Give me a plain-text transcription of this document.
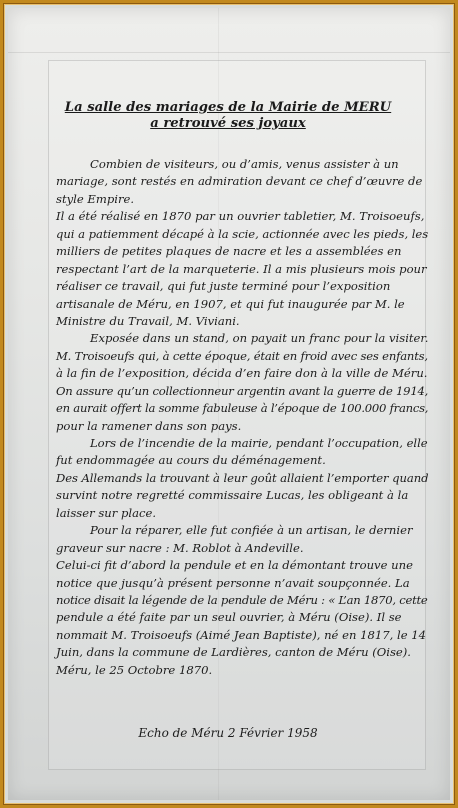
La salle des mariages de la Mairie de MERU
a retrouvé ses joyaux
Combien de visiteurs, ou d’amis, venus assister à un
mariage, sont restés en admiration devant ce chef d’œuvre de
style Empire.
Il a été réalisé en 1870 par un ouvrier tabletier, M. Troisoeufs,
qui a patiemment décapé à la scie, actionnée avec les pieds, les
milliers de petites plaques de nacre et les a assemblées en
respectant l’art de la marqueterie. Il a mis plusieurs mois pour
réaliser ce travail, qui fut juste terminé pour l’exposition
artisanale de Méru, en 1907, et qui fut inaugurée par M. le
Ministre du Travail, M. Viviani.
Exposée dans un stand, on payait un franc pour la visiter.
M. Troisoeufs qui, à cette époque, était en froid avec ses enfants,
à la fin de l’exposition, décida d’en faire don à la ville de Méru.
On assure qu’un collectionneur argentin avant la guerre de 1914,
en aurait offert la somme fabuleuse à l’époque de 100.000 francs,
pour la ramener dans son pays.
Lors de l’incendie de la mairie, pendant l’occupation, elle
fut endommagée au cours du déménagement.
Des Allemands la trouvant à leur goût allaient l’emporter quand
survint notre regretté commissaire Lucas, les obligeant à la
laisser sur place.
Pour la réparer, elle fut confiée à un artisan, le dernier
graveur sur nacre : M. Roblot à Andeville.
Celui-ci fit d’abord la pendule et en la démontant trouve une
notice que jusqu’à présent personne n’avait soupçonnée. La
notice disait la légende de la pendule de Méru : « L’an 1870, cette
pendule a été faite par un seul ouvrier, à Méru (Oise). Il se
nommait M. Troisoeufs (Aimé Jean Baptiste), né en 1817, le 14
Juin, dans la commune de Lardières, canton de Méru (Oise).
Méru, le 25 Octobre 1870.
Echo de Méru 2 Février 1958
